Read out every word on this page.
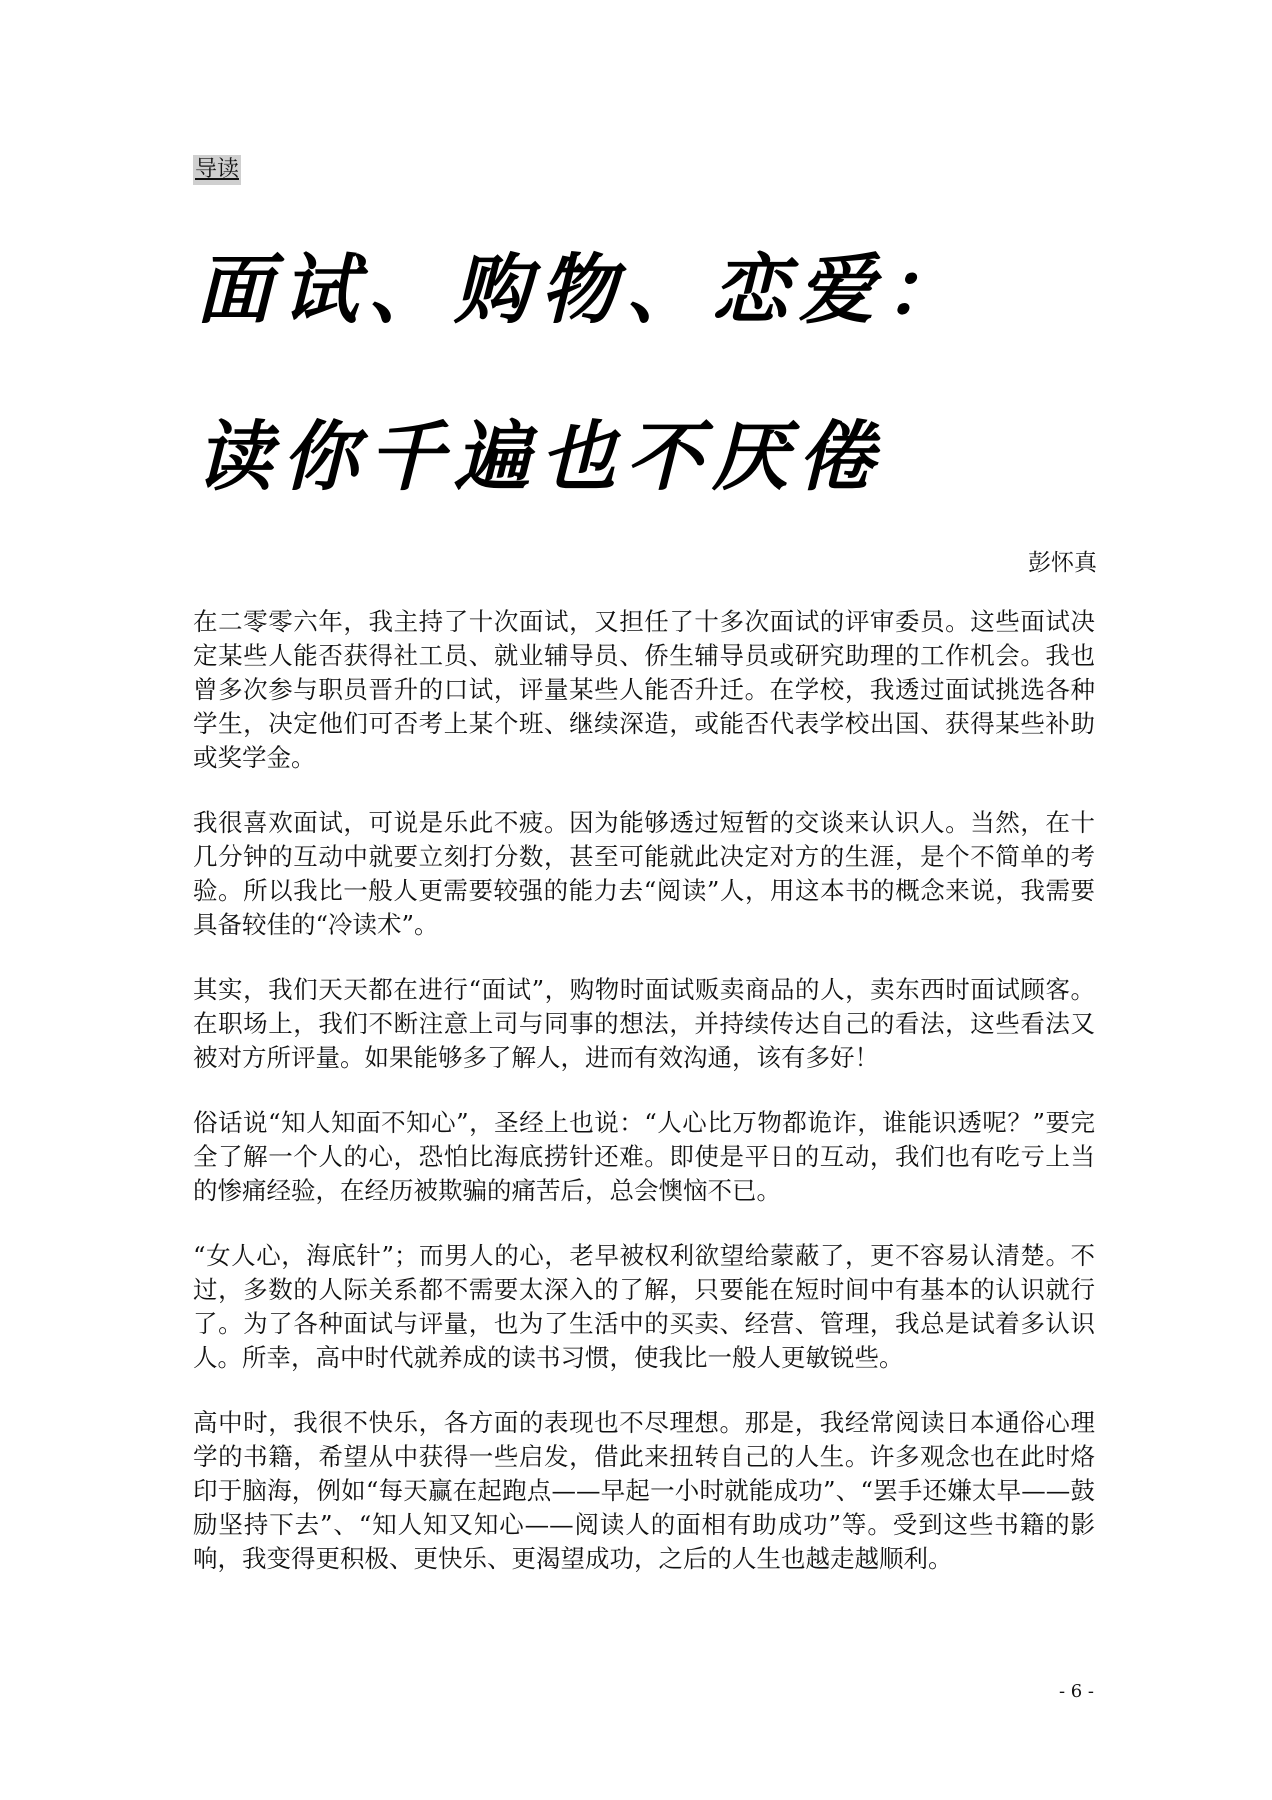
导读
面试、购物、恋爱：
读你千遍也不厌倦
彭怀真

在二零零六年，我主持了十次面试，又担任了十多次面试的评审委员。这些面试决定某些人能否获得社工员、就业辅导员、侨生辅导员或研究助理的工作机会。我也曾多次参与职员晋升的口试，评量某些人能否升迁。在学校，我透过面试挑选各种学生，决定他们可否考上某个班、继续深造，或能否代表学校出国、获得某些补助或奖学金。

我很喜欢面试，可说是乐此不疲。因为能够透过短暂的交谈来认识人。当然，在十几分钟的互动中就要立刻打分数，甚至可能就此决定对方的生涯，是个不简单的考验。所以我比一般人更需要较强的能力去“阅读”人，用这本书的概念来说，我需要具备较佳的“冷读术”。

其实，我们天天都在进行“面试”，购物时面试贩卖商品的人，卖东西时面试顾客。在职场上，我们不断注意上司与同事的想法，并持续传达自己的看法，这些看法又被对方所评量。如果能够多了解人，进而有效沟通，该有多好！

俗话说“知人知面不知心”，圣经上也说：“人心比万物都诡诈，谁能识透呢？”要完全了解一个人的心，恐怕比海底捞针还难。即使是平日的互动，我们也有吃亏上当的惨痛经验，在经历被欺骗的痛苦后，总会懊恼不已。

“女人心，海底针”；而男人的心，老早被权利欲望给蒙蔽了，更不容易认清楚。不过，多数的人际关系都不需要太深入的了解，只要能在短时间中有基本的认识就行了。为了各种面试与评量，也为了生活中的买卖、经营、管理，我总是试着多认识人。所幸，高中时代就养成的读书习惯，使我比一般人更敏锐些。

高中时，我很不快乐，各方面的表现也不尽理想。那是，我经常阅读日本通俗心理学的书籍，希望从中获得一些启发，借此来扭转自己的人生。许多观念也在此时烙印于脑海，例如“每天赢在起跑点——早起一小时就能成功”、“罢手还嫌太早——鼓励坚持下去”、“知人知又知心——阅读人的面相有助成功”等。受到这些书籍的影响，我变得更积极、更快乐、更渴望成功，之后的人生也越走越顺利。

- 6 -
